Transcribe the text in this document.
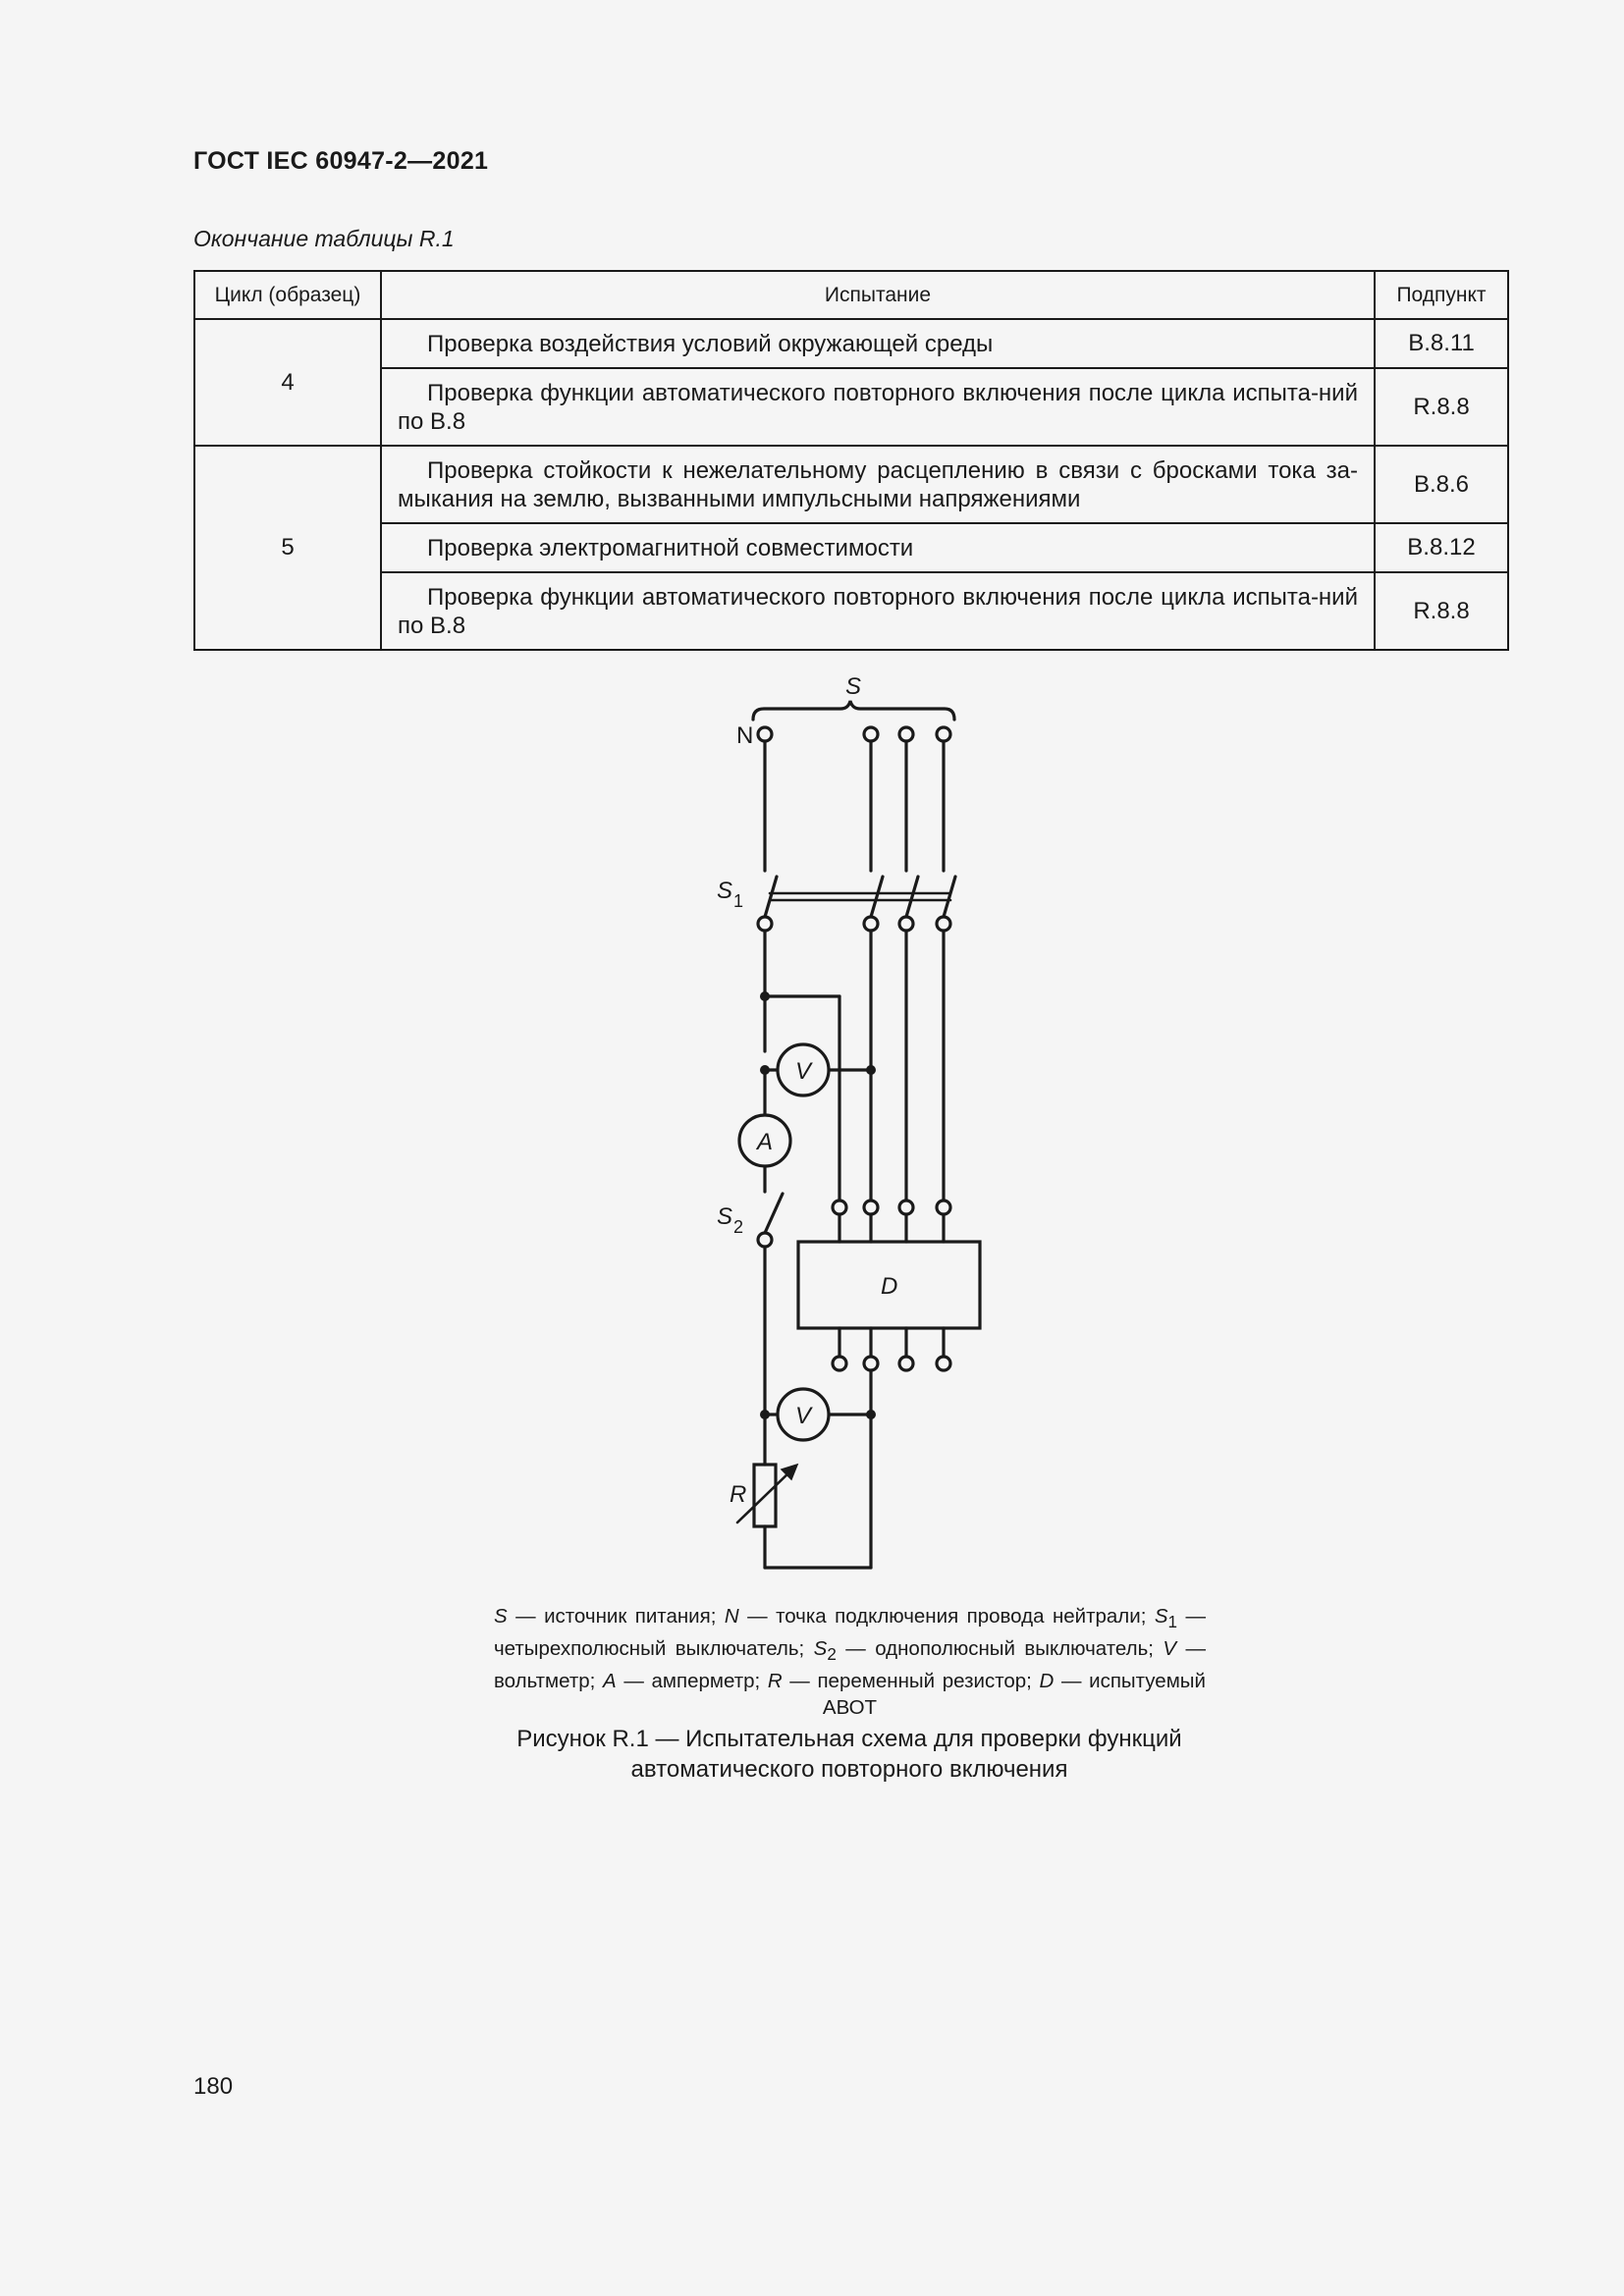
ГОСТ IEC 60947-2—2021
Окончание таблицы R.1
Цикл (образец)	Испытание	Подпункт
4	Проверка воздействия условий окружающей среды	B.8.11
	Проверка функции автоматического повторного включения после цикла испыта-ний по B.8	R.8.8
5	Проверка стойкости к нежелательному расцеплению в связи с бросками тока за-мыкания на землю, вызванными импульсными напряжениями	B.8.6
	Проверка электромагнитной совместимости	B.8.12
	Проверка функции автоматического повторного включения после цикла испыта-ний по B.8	R.8.8
S
N
S 1
V
A
S 2
D
V
R
S — источник питания; N — точка подключения провода нейтрали; $S_1$ — четырехполюсный выключатель; $S_2$ — однополюсный выключатель; V — вольтметр; A — амперметр; R — переменный резистор; D — испытуемый АВОТ
Рисунок R.1 — Испытательная схема для проверки функций
автоматического повторного включения
180
